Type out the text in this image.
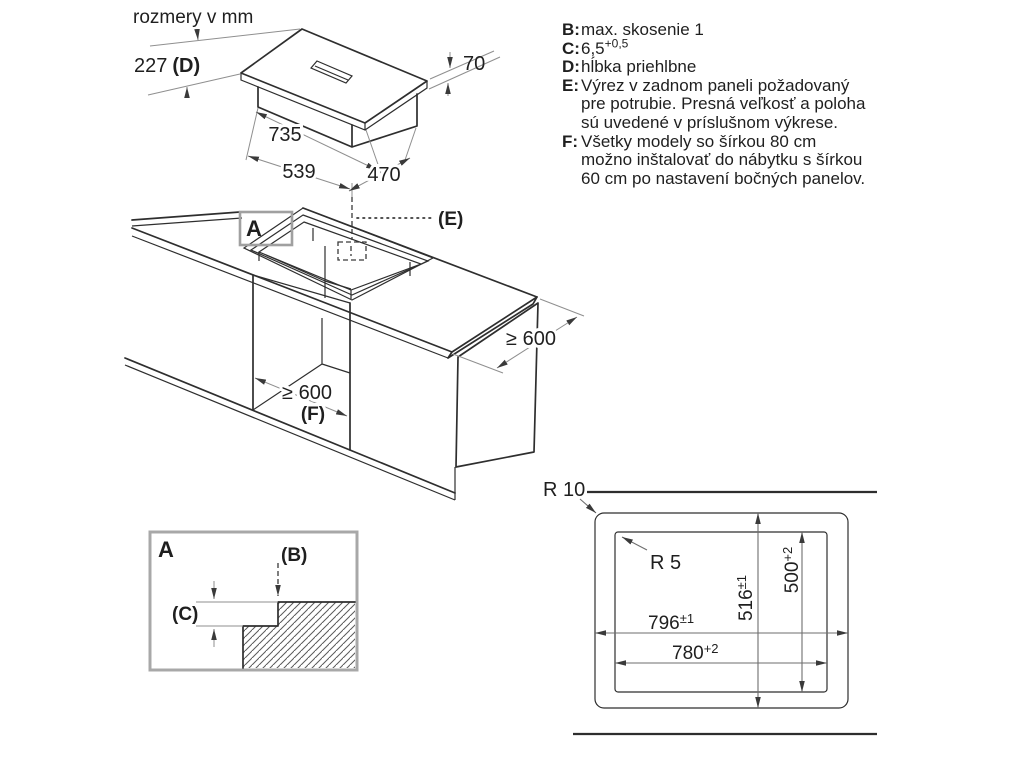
227 (D)	70
735
539	470
A	(E)
≥ 600
≥ 600
(F)
A
(C)
(B)
R 10
R 5
$516^{\pm 1}$	$500^{+2}$
$796^{\pm 1}$
$780^{+2}$
rozmery v mm
B: max. skosenie 1
C: $6,5^{+0,5}$
D: hĺbka priehlbne
E: Výrez v zadnom paneli požadovaný
pre potrubie. Presná veľkosť a poloha
sú uvedené v príslušnom výkrese.
F: Všetky modely so šírkou 80 cm
možno inštalovať do nábytku s šírkou
60 cm po nastavení bočných panelov.
